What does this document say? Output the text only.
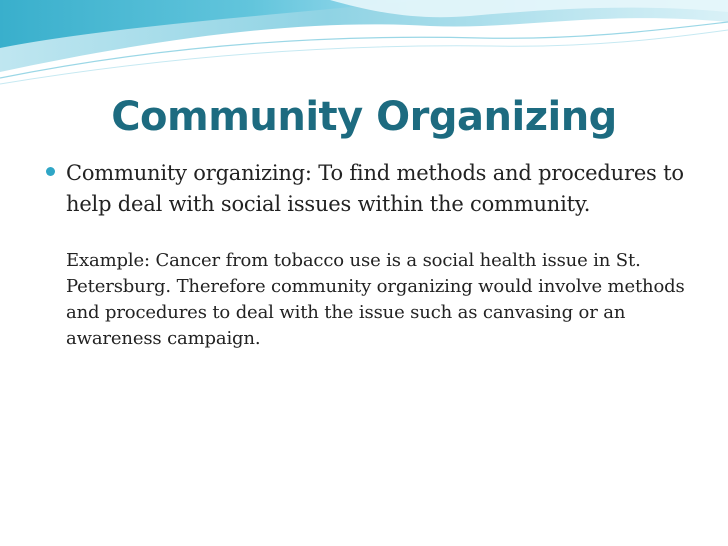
Community Organizing
Community organizing: To find methods and procedures to help deal with social issues within the community.
Example: Cancer from tobacco use is a social health issue in St. Petersburg. Therefore community organizing would involve methods and procedures to deal with the issue such as canvasing or an awareness campaign.
